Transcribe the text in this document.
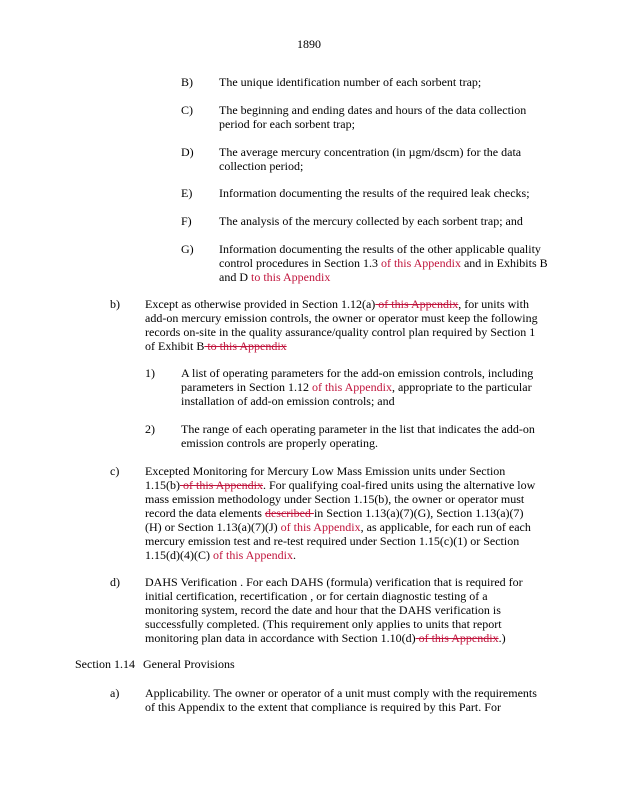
1890
B) The unique identification number of each sorbent trap;
C) The beginning and ending dates and hours of the data collection period for each sorbent trap;
D) The average mercury concentration (in µgm/dscm) for the data collection period;
E) Information documenting the results of the required leak checks;
F) The analysis of the mercury collected by each sorbent trap; and
G) Information documenting the results of the other applicable quality control procedures in Section 1.3 of this Appendix and in Exhibits B and D to this Appendix
b) Except as otherwise provided in Section 1.12(a) of this Appendix, for units with add-on mercury emission controls, the owner or operator must keep the following records on-site in the quality assurance/quality control plan required by Section 1 of Exhibit B to this Appendix
1) A list of operating parameters for the add-on emission controls, including parameters in Section 1.12 of this Appendix, appropriate to the particular installation of add-on emission controls; and
2) The range of each operating parameter in the list that indicates the add-on emission controls are properly operating.
c) Excepted Monitoring for Mercury Low Mass Emission units under Section 1.15(b) of this Appendix. For qualifying coal-fired units using the alternative low mass emission methodology under Section 1.15(b), the owner or operator must record the data elements described in Section 1.13(a)(7)(G), Section 1.13(a)(7)(H) or Section 1.13(a)(7)(J) of this Appendix, as applicable, for each run of each mercury emission test and re-test required under Section 1.15(c)(1) or Section 1.15(d)(4)(C) of this Appendix.
d) DAHS Verification . For each DAHS (formula) verification that is required for initial certification, recertification , or for certain diagnostic testing of a monitoring system, record the date and hour that the DAHS verification is successfully completed. (This requirement only applies to units that report monitoring plan data in accordance with Section 1.10(d) of this Appendix.)
Section 1.14 General Provisions
a) Applicability. The owner or operator of a unit must comply with the requirements of this Appendix to the extent that compliance is required by this Part. For
